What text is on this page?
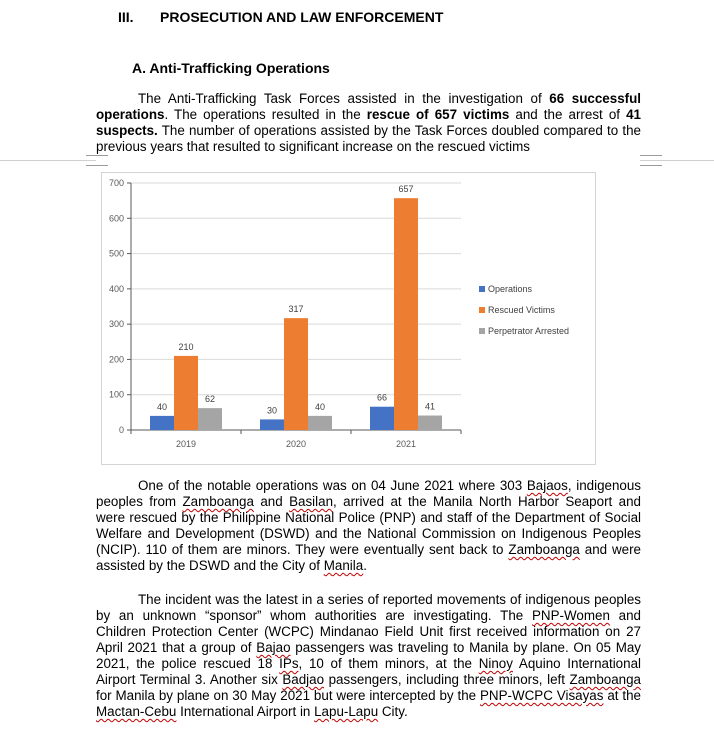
III. PROSECUTION AND LAW ENFORCEMENT
A. Anti-Trafficking Operations
The Anti-Trafficking Task Forces assisted in the investigation of 66 successful operations. The operations resulted in the rescue of 657 victims and the arrest of 41 suspects. The number of operations assisted by the Task Forces doubled compared to the previous years that resulted to significant increase on the rescued victims
0
100
200
300
400
500
600
700
2019	2020	2021
40
210
62
30
317
40
66
657
41
Operations
Rescued Victims
Perpetrator Arrested
One of the notable operations was on 04 June 2021 where 303 Bajaos, indigenous peoples from Zamboanga and Basilan, arrived at the Manila North Harbor Seaport and were rescued by the Philippine National Police (PNP) and staff of the Department of Social Welfare and Development (DSWD) and the National Commission on Indigenous Peoples (NCIP). 110 of them are minors. They were eventually sent back to Zamboanga and were assisted by the DSWD and the City of Manila.
The incident was the latest in a series of reported movements of indigenous peoples by an unknown “sponsor” whom authorities are investigating. The PNP-Women and Children Protection Center (WCPC) Mindanao Field Unit first received information on 27 April 2021 that a group of Bajao passengers was traveling to Manila by plane. On 05 May 2021, the police rescued 18 IPs, 10 of them minors, at the Ninoy Aquino International Airport Terminal 3. Another six Badjao passengers, including three minors, left Zamboanga for Manila by plane on 30 May 2021 but were intercepted by the PNP-WCPC Visayas at the Mactan-Cebu International Airport in Lapu-Lapu City.
